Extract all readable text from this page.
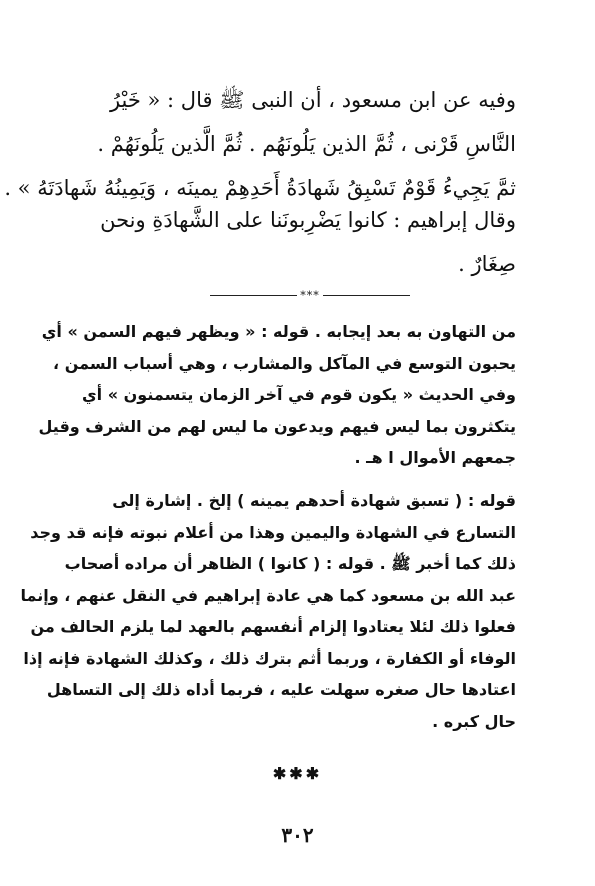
وفيه عن ابن مسعود ، أن النبى ﷺ قال : « خَيْرُ
النَّاسِ قَرْنى ، ثُمَّ الذين يَلُونَهُم . ثُمَّ الَّذين يَلُونَهُمْ .
ثمَّ يَجِيءُ قَوْمٌ تَسْبِقُ شَهادَةُ أَحَدِهِمْ يمينَه ، وَيَمِينُهُ شَهادَتَهُ » .
وقال إبراهيم : كانوا يَضْرِبونَنا على الشَّهادَةِ ونحن
صِغَارٌ .
***
من التهاون به بعد إيجابه . قوله : « ويظهر فيهم السمن » أي
يحبون التوسع في المآكل والمشارب ، وهي أسباب السمن ،
وفي الحديث « يكون قوم في آخر الزمان يتسمنون » أي
يتكثرون بما ليس فيهم ويدعون ما ليس لهم من الشرف وقيل
جمعهم الأموال ا هـ .
قوله : ( تسبق شهادة أحدهم يمينه ) إلخ . إشارة إلى
التسارع في الشهادة واليمين وهذا من أعلام نبوته فإنه قد وجد
ذلك كما أخبر ﷺ . قوله : ( كانوا ) الظاهر أن مراده أصحاب
عبد الله بن مسعود كما هي عادة إبراهيم في النقل عنهم ، وإنما
فعلوا ذلك لئلا يعتادوا إلزام أنفسهم بالعهد لما يلزم الحالف من
الوفاء أو الكفارة ، وربما أثم بترك ذلك ، وكذلك الشهادة فإنه إذا
اعتادها حال صغره سهلت عليه ، فربما أداه ذلك إلى التساهل
حال كبره .
✱✱✱
٣٠٢
